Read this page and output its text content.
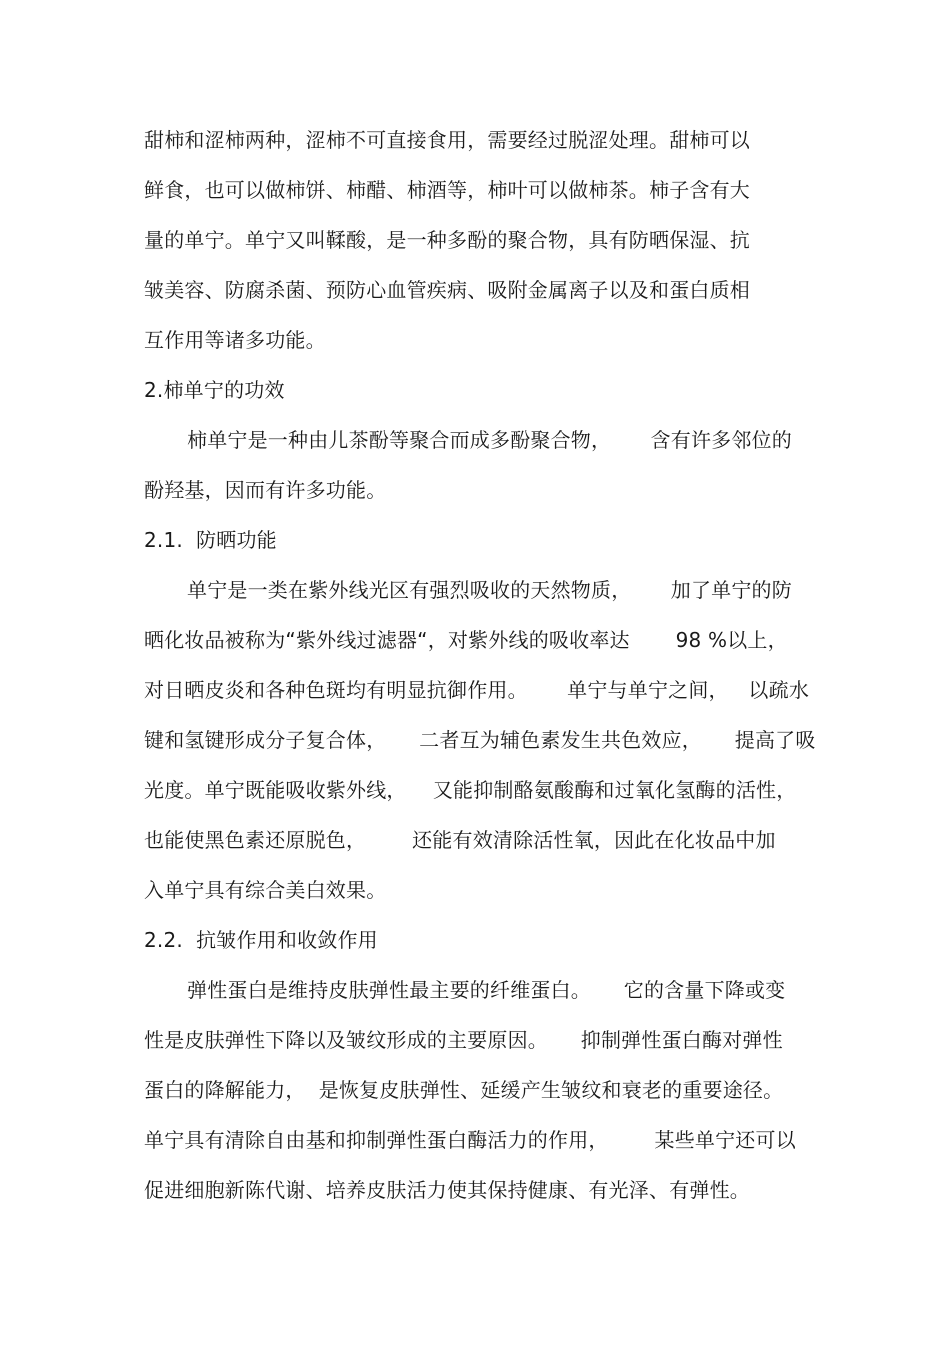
甜柿和涩柿两种，涩柿不可直接食用，需要经过脱涩处理。甜柿可以
鲜食，也可以做柿饼、柿醋、柿酒等，柿叶可以做柿茶。柿子含有大
量的单宁。单宁又叫鞣酸，是一种多酚的聚合物，具有防晒保湿、抗
皱美容、防腐杀菌、预防心血管疾病、吸附金属离子以及和蛋白质相
互作用等诸多功能。
2.柿单宁的功效
柿单宁是一种由儿茶酚等聚合而成多酚聚合物，      含有许多邻位的
酚羟基，因而有许多功能。
2.1.  防晒功能
单宁是一类在紫外线光区有强烈吸收的天然物质，      加了单宁的防
晒化妆品被称为“紫外线过滤器“，对紫外线的吸收率达       98 %以上，
对日晒皮炎和各种色斑均有明显抗御作用。      单宁与单宁之间，   以疏水
键和氢键形成分子复合体，     二者互为辅色素发生共色效应，     提高了吸
光度。单宁既能吸收紫外线，    又能抑制酪氨酸酶和过氧化氢酶的活性，
也能使黑色素还原脱色，       还能有效清除活性氧，因此在化妆品中加
入单宁具有综合美白效果。
2.2.  抗皱作用和收敛作用
弹性蛋白是维持皮肤弹性最主要的纤维蛋白。     它的含量下降或变
性是皮肤弹性下降以及皱纹形成的主要原因。     抑制弹性蛋白酶对弹性
蛋白的降解能力，  是恢复皮肤弹性、延缓产生皱纹和衰老的重要途径。
单宁具有清除自由基和抑制弹性蛋白酶活力的作用，       某些单宁还可以
促进细胞新陈代谢、培养皮肤活力使其保持健康、有光泽、有弹性。
